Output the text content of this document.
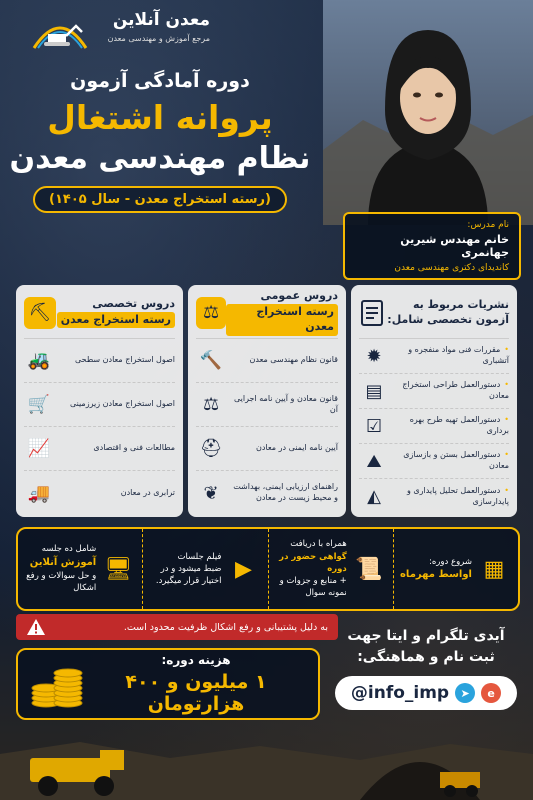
معدن آنلاین
مرجع آموزش و مهندسی معدن
دوره آمادگی آزمون
پروانه اشتغال
نظام مهندسی معدن
(رسته استخراج معدن - سال ۱۴۰۵)
نام مدرس:
خانم مهندس شیرین جهانمری
کاندیدای دکتری مهندسی معدن
نشریات مربوط به آزمون تخصصی شامل:
• مقررات فنی مواد منفجره و آتشباری
✹
• دستورالعمل طراحی استخراج معادن
▤
• دستورالعمل تهیه طرح بهره برداری
☑
• دستورالعمل بستن و بازسازی معادن
⛰
• دستورالعمل تحلیل پایداری و پایدارسازی
◭
دروس عمومی
رسته استخراج معدن
⚖
قانون نظام مهندسی معدن
🔨
قانون معادن و آیین نامه اجرایی آن
⚖
آیین نامه ایمنی در معادن
⛑
راهنمای ارزیابی ایمنی، بهداشت و محیط زیست در معادن
❦
دروس تخصصی
رسته استخراج معدن
⛏
اصول استخراج معادن سطحی
🚜
اصول استخراج معادن زیرزمینی
🛒
مطالعات فنی و اقتصادی
📈
ترابری در معادن
🚚
▦
شروع دوره:
اواسط مهرماه
📜
همراه با دریافت
گواهی حضور در دوره
+ منابع و جزوات و نمونه سوال
▶
فیلم جلسات
ضبط میشود و در اختیار قرار میگیرد.
🖥
شامل ده جلسه
آموزش آنلاین
و حل سوالات و رفع اشکال
به دلیل پشتیبانی و رفع اشکال ظرفیت محدود است.
هزینه دوره:
۱ میلیون و ۴۰۰ هزارتومان
آیدی تلگرام و ایتا جهت
ثبت نام و هماهنگی:
@info_imp	➤	e
